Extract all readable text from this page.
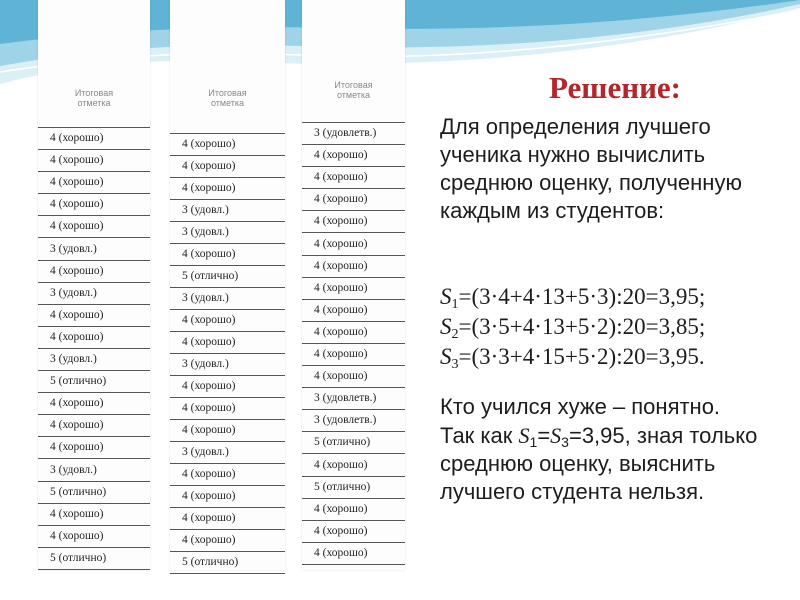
Итоговая
отметка
4 (хорошо)
4 (хорошо)
4 (хорошо)
4 (хорошо)
4 (хорошо)
3 (удовл.)
4 (хорошо)
3 (удовл.)
4 (хорошо)
4 (хорошо)
3 (удовл.)
5 (отлично)
4 (хорошо)
4 (хорошо)
4 (хорошо)
3 (удовл.)
5 (отлично)
4 (хорошо)
4 (хорошо)
5 (отлично)
Итоговая
отметка
4 (хорошо)
4 (хорошо)
4 (хорошо)
3 (удовл.)
3 (удовл.)
4 (хорошо)
5 (отлично)
3 (удовл.)
4 (хорошо)
4 (хорошо)
3 (удовл.)
4 (хорошо)
4 (хорошо)
4 (хорошо)
3 (удовл.)
4 (хорошо)
4 (хорошо)
4 (хорошо)
4 (хорошо)
5 (отлично)
Итоговая
отметка
3 (удовлетв.)
4 (хорошо)
4 (хорошо)
4 (хорошо)
4 (хорошо)
4 (хорошо)
4 (хорошо)
4 (хорошо)
4 (хорошо)
4 (хорошо)
4 (хорошо)
4 (хорошо)
3 (удовлетв.)
3 (удовлетв.)
5 (отлично)
4 (хорошо)
5 (отлично)
4 (хорошо)
4 (хорошо)
4 (хорошо)
Решение:
Для определения лучшего ученика нужно вычислить среднюю оценку, полученную каждым из студентов:
$S_1=(3\cdot 4+4\cdot 13+5\cdot 3):20=3,95$;
$S_2=(3\cdot 5+4\cdot 13+5\cdot 2):20=3,85$;
$S_3=(3\cdot 3+4\cdot 15+5\cdot 2):20=3,95$.
Кто учился хуже – понятно.
Так как $S_1=S_3=3,95$, зная только среднюю оценку, выяснить лучшего студента нельзя.
